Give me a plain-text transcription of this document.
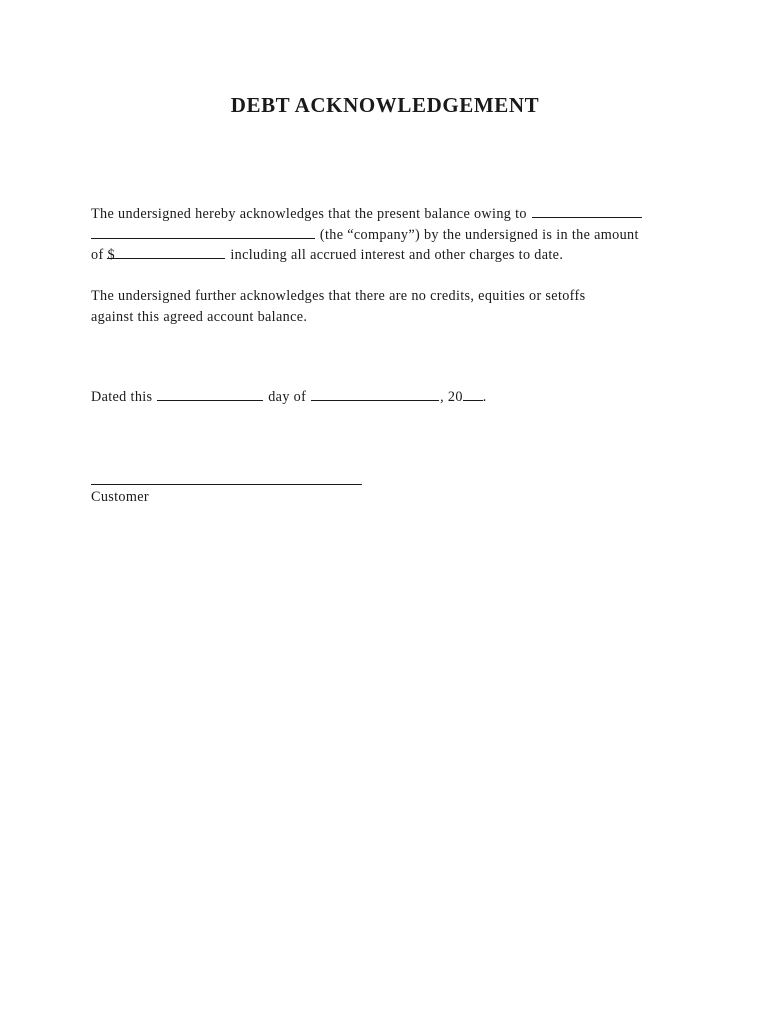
DEBT ACKNOWLEDGEMENT
The undersigned hereby acknowledges that the present balance owing to
(the “company”) by the undersigned is in the amount
of $	including all accrued interest and other charges to date.
The undersigned further acknowledges that there are no credits, equities or setoffs
against this agreed account balance.
Dated this	day of	, 20 .
Customer
